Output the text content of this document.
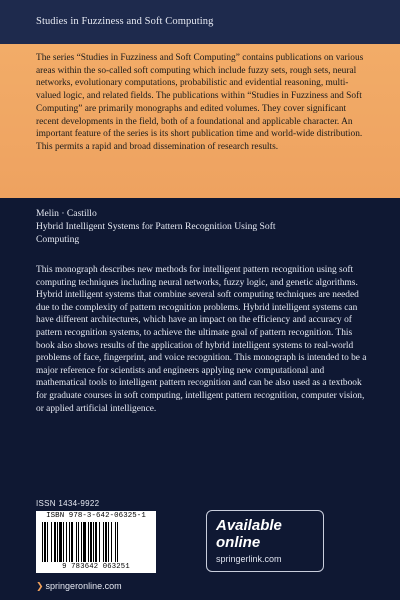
Studies in Fuzziness and Soft Computing

The series “Studies in Fuzziness and Soft Computing” contains publications on various areas within the so-called soft computing which include fuzzy sets, rough sets, neural networks, evolutionary computations, probabilistic and evidential reasoning, multi-valued logic, and related fields. The publications within “Studies in Fuzziness and Soft Computing” are primarily monographs and edited volumes. They cover significant recent developments in the field, both of a foundational and applicable character. An important feature of the series is its short publication time and world-wide distribution. This permits a rapid and broad dissemination of research results.

Melin · Castillo
Hybrid Intelligent Systems for Pattern Recognition Using Soft Computing

This monograph describes new methods for intelligent pattern recognition using soft computing techniques including neural networks, fuzzy logic, and genetic algorithms. Hybrid intelligent systems that combine several soft computing techniques are needed due to the complexity of pattern recognition problems. Hybrid intelligent systems can have different architectures, which have an impact on the efficiency and accuracy of pattern recognition systems, to achieve the ultimate goal of pattern recognition. This book also shows results of the application of hybrid intelligent systems to real-world problems of face, fingerprint, and voice recognition. This monograph is intended to be a major reference for scientists and engineers applying new computational and mathematical tools to intelligent pattern recognition and can be also used as a textbook for graduate courses in soft computing, intelligent pattern recognition, computer vision, or applied artificial intelligence.

ISSN 1434-9922
ISBN 978-3-642-06325-1
9 783642 063251
Available
online
springerlink.com
❯ springeronline.com
